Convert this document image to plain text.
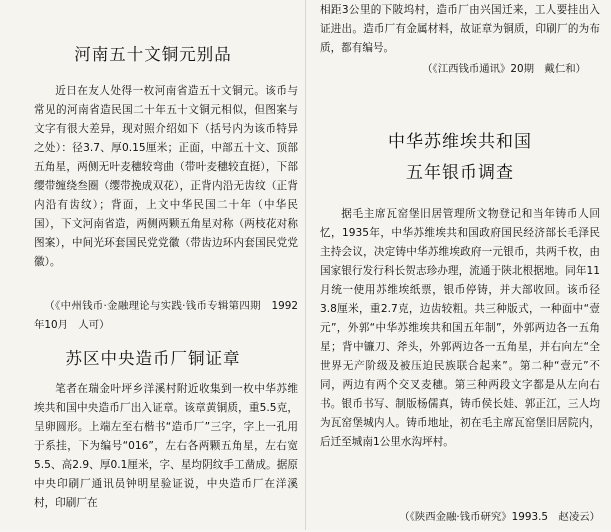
河南五十文铜元别品

近日在友人处得一枚河南省造五十文铜元。该币与常见的河南省造民国二十年五十文铜元相似，但图案与文字有很大差异，现对照介绍如下（括号内为该币特异之处）：径3.7、厚0.15厘米；正面，中部五十文、顶部五角星，两侧无叶麦穗较弯曲（带叶麦穗较直挺），下部缨带缠绕叁圈（缨带挽成双花），正背内沿无齿纹（正背内沿有齿纹）；背面，上文中华民国二十年（中华民国），下文河南省造，两侧两颗五角星对称（两枝花对称图案），中间光环套国民党党徽（带齿边环内套国民党党徽）。

（《中州钱币·金融理论与实践·钱币专辑第四期　1992年10月　人可）

苏区中央造币厂铜证章

笔者在瑞金叶坪乡洋溪村附近收集到一枚中华苏维埃共和国中央造币厂出入证章。该章黄铜质，重5.5克，呈卵圆形。上端左至右楷书“造币厂”三字，字上一孔用于系挂，下为编号“016”，左右各两颗五角星，左右宽5.5、高2.9、厚0.1厘米，字、星均阴纹手工凿成。据原中央印刷厂通讯员钟明星验证说，中央造币厂在洋溪村，印刷厂在

相距3公里的下陂坞村，造币厂由兴国迁来，工人要挂出入证进出。造币厂有金属材料，故证章为铜质，印刷厂的为布质，都有编号。

（《江西钱币通讯》20期　戴仁和）

中华苏维埃共和国
五年银币调查

据毛主席瓦窑堡旧居管理所文物登记和当年铸币人回忆，1935年，中华苏维埃共和国政府国民经济部长毛泽民主持会议，决定铸中华苏维埃政府一元银币，共两千枚，由国家银行发行科长贺志珍办理，流通于陕北根据地。同年11月统一使用苏维埃纸票，银币停铸，并大部收回。该币径3.8厘米，重2.7克，边齿较粗。共三种版式，一种面中“壹元”，外郭“中华苏维埃共和国五年制”，外郭两边各一五角星；背中镰刀、斧头，外郭两边各一五角星，并右向左“全世界无产阶级及被压迫民族联合起来”。第二种“壹元”不同，两边有两个交叉麦穗。第三种两段文字都是从左向右书。银币书写、制版杨儒真，铸币侯长娃、郭正江，三人均为瓦窑堡城内人。铸币地址，初在毛主席瓦窑堡旧居院内，后迁至城南1公里水沟坪村。

（《陕西金融·钱币研究》1993.5　赵凌云）
